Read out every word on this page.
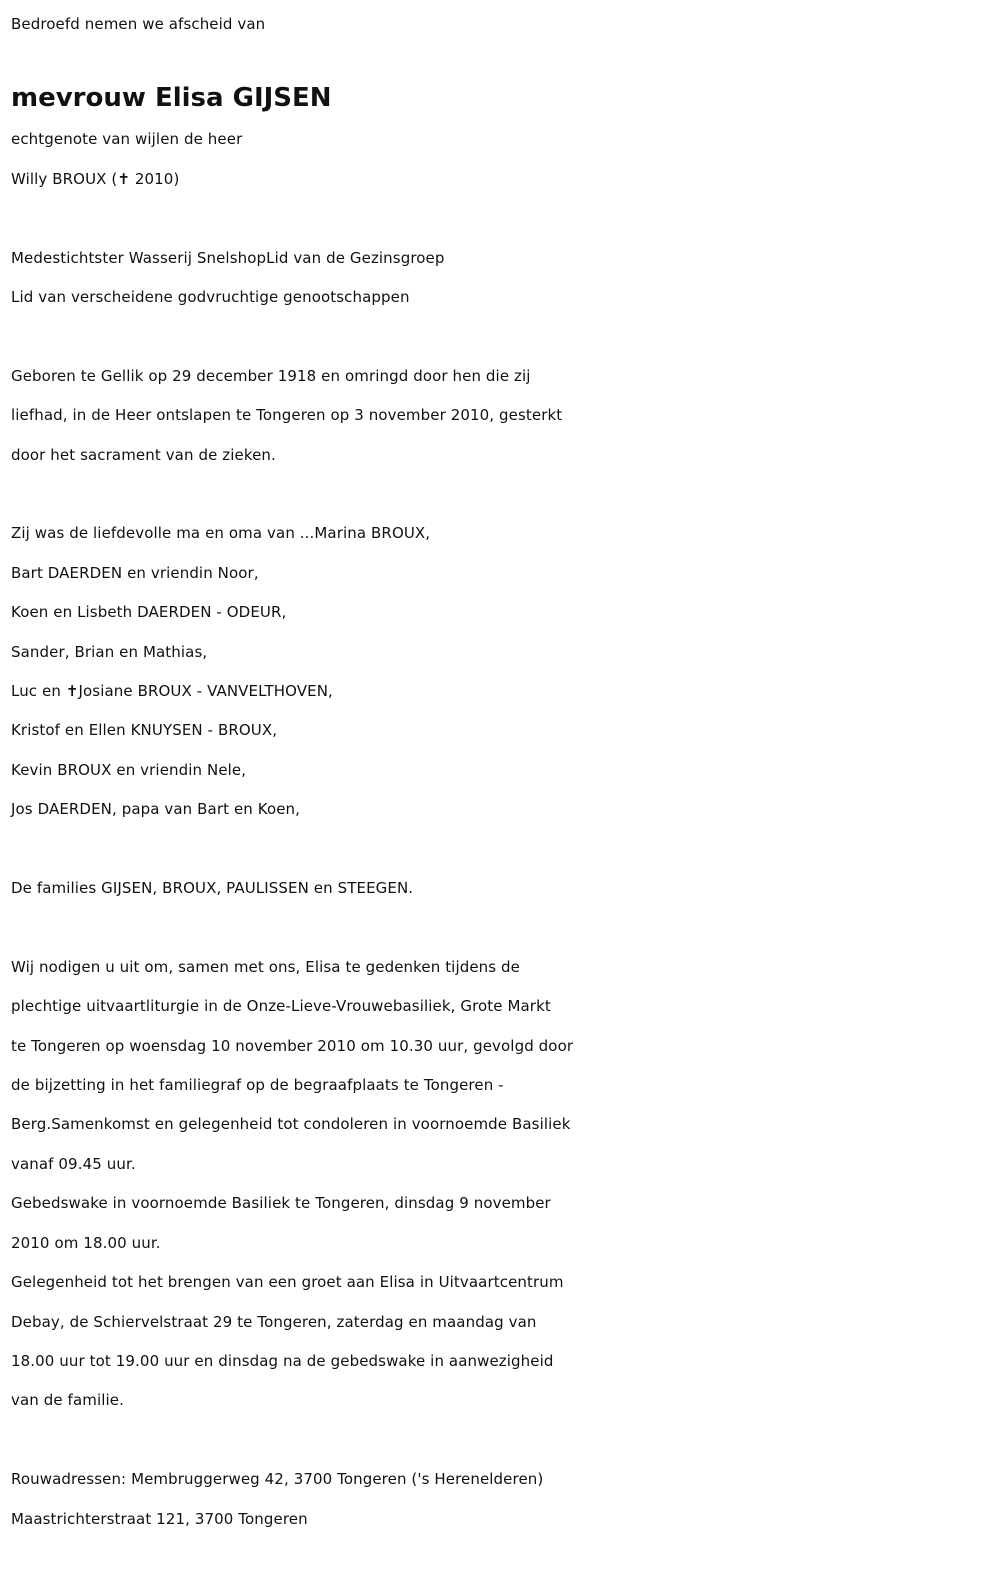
Bedroefd nemen we afscheid van
mevrouw Elisa GIJSEN
echtgenote van wijlen de heer
Willy BROUX (✝ 2010)
Medestichtster Wasserij SnelshopLid van de Gezinsgroep
Lid van verscheidene godvruchtige genootschappen
Geboren te Gellik op 29 december 1918 en omringd door hen die zij
liefhad, in de Heer ontslapen te Tongeren op 3 november 2010, gesterkt
door het sacrament van de zieken.
Zij was de liefdevolle ma en oma van ...Marina BROUX,
Bart DAERDEN en vriendin Noor,
Koen en Lisbeth DAERDEN - ODEUR,
Sander, Brian en Mathias,
Luc en ✝Josiane BROUX - VANVELTHOVEN,
Kristof en Ellen KNUYSEN - BROUX,
Kevin BROUX en vriendin Nele,
Jos DAERDEN, papa van Bart en Koen,
De families GIJSEN, BROUX, PAULISSEN en STEEGEN.
Wij nodigen u uit om, samen met ons, Elisa te gedenken tijdens de
plechtige uitvaartliturgie in de Onze-Lieve-Vrouwebasiliek, Grote Markt
te Tongeren op woensdag 10 november 2010 om 10.30 uur, gevolgd door
de bijzetting in het familiegraf op de begraafplaats te Tongeren -
Berg.Samenkomst en gelegenheid tot condoleren in voornoemde Basiliek
vanaf 09.45 uur.
Gebedswake in voornoemde Basiliek te Tongeren, dinsdag 9 november
2010 om 18.00 uur.
Gelegenheid tot het brengen van een groet aan Elisa in Uitvaartcentrum
Debay, de Schiervelstraat 29 te Tongeren, zaterdag en maandag van
18.00 uur tot 19.00 uur en dinsdag na de gebedswake in aanwezigheid
van de familie.
Rouwadressen: Membruggerweg 42, 3700 Tongeren ('s Herenelderen)
Maastrichterstraat 121, 3700 Tongeren
